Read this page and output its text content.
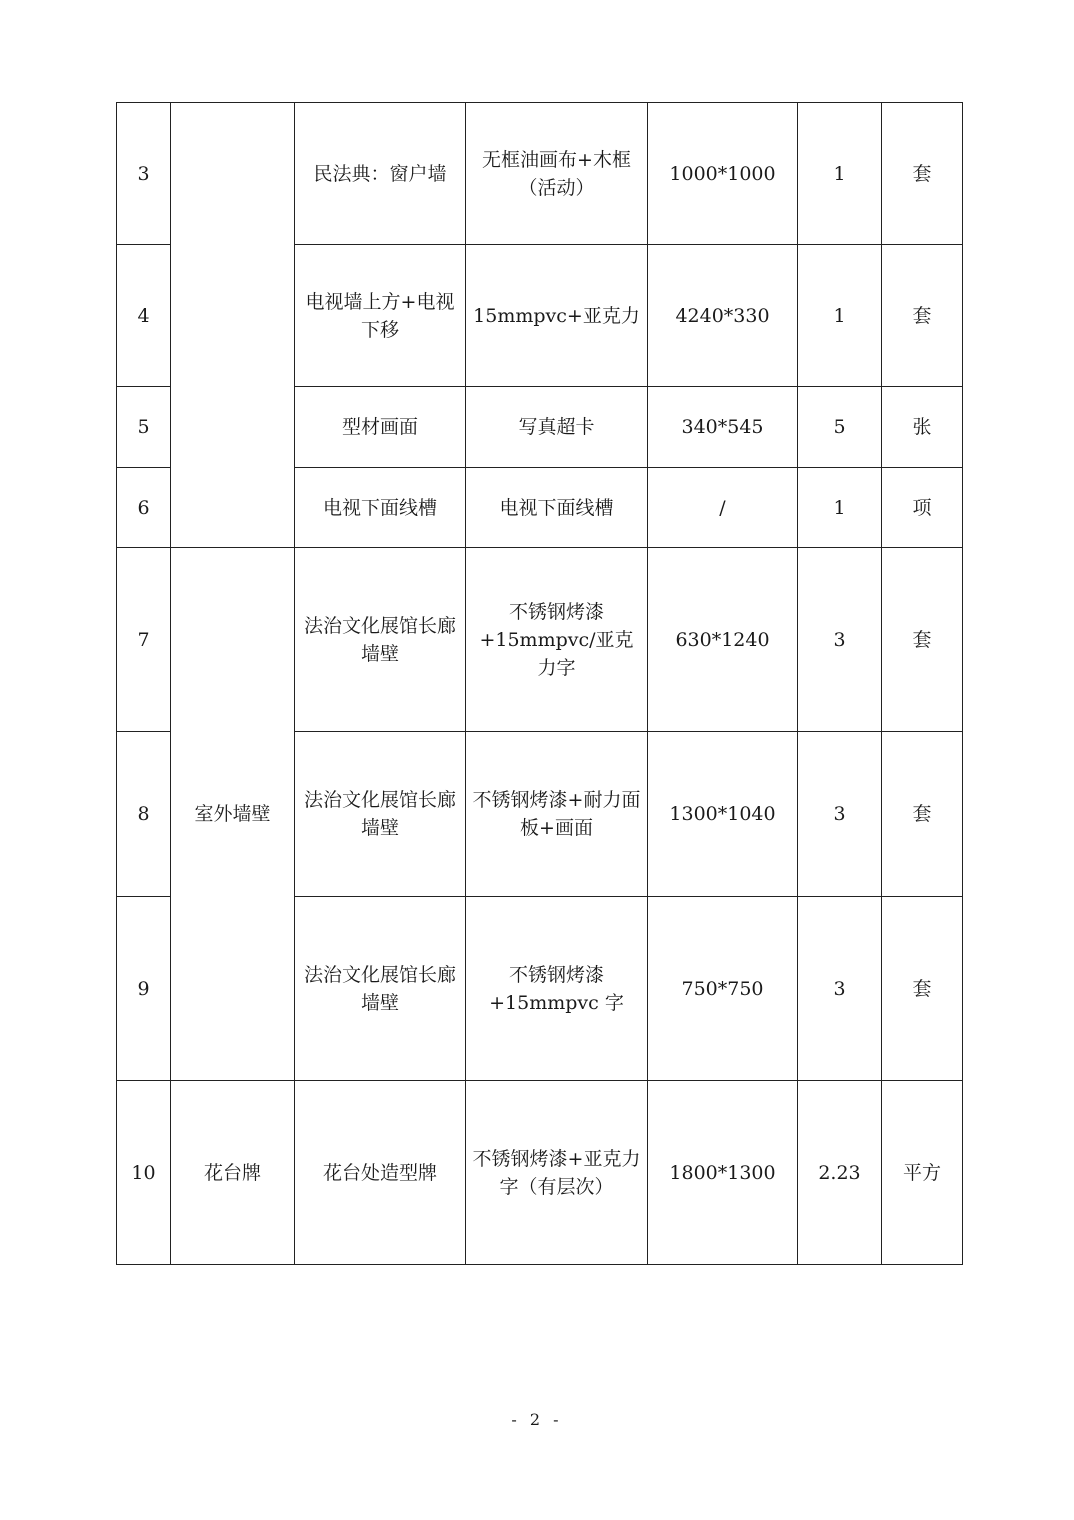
3		民法典：窗户墙	无框油画布+木框（活动）	1000*1000	1	套
4		电视墙上方+电视下移	15mmpvc+亚克力	4240*330	1	套
5		型材画面	写真超卡	340*545	5	张
6		电视下面线槽	电视下面线槽	/	1	项
7	室外墙壁	法治文化展馆长廊墙壁	不锈钢烤漆+15mmpvc/亚克力字	630*1240	3	套
8		法治文化展馆长廊墙壁	不锈钢烤漆+耐力面板+画面	1300*1040	3	套
9		法治文化展馆长廊墙壁	不锈钢烤漆+15mmpvc 字	750*750	3	套
10	花台牌	花台处造型牌	不锈钢烤漆+亚克力字（有层次）	1800*1300	2.23	平方
- 2 -
